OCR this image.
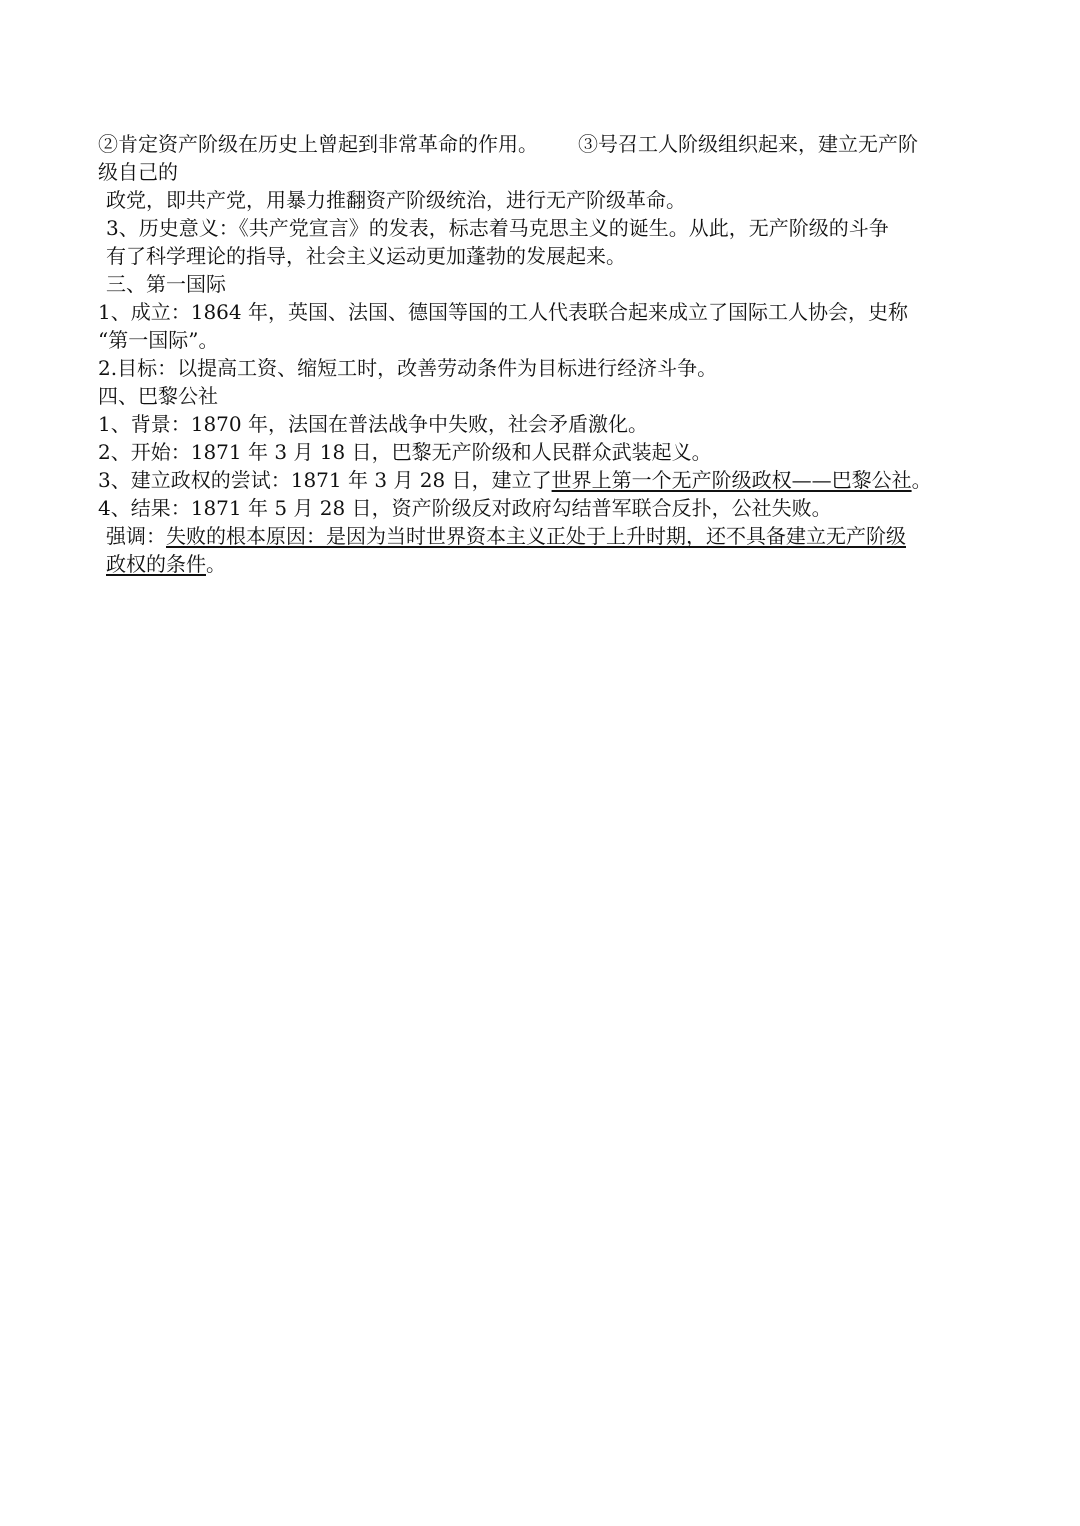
②肯定资产阶级在历史上曾起到非常革命的作用。 ③号召工人阶级组织起来，建立无产阶
级自己的
政党，即共产党，用暴力推翻资产阶级统治，进行无产阶级革命。
3、历史意义：《共产党宣言》的发表，标志着马克思主义的诞生。从此，无产阶级的斗争
有了科学理论的指导，社会主义运动更加蓬勃的发展起来。
三、第一国际
1、成立：1864 年，英国、法国、德国等国的工人代表联合起来成立了国际工人协会，史称
“第一国际”。
2.目标：以提高工资、缩短工时，改善劳动条件为目标进行经济斗争。
四、巴黎公社
1、背景：1870 年，法国在普法战争中失败，社会矛盾激化。
2、开始：1871 年 3 月 18 日，巴黎无产阶级和人民群众武装起义。
3、建立政权的尝试：1871 年 3 月 28 日，建立了世界上第一个无产阶级政权——巴黎公社。
4、结果：1871 年 5 月 28 日，资产阶级反对政府勾结普军联合反扑，公社失败。
强调：失败的根本原因：是因为当时世界资本主义正处于上升时期，还不具备建立无产阶级
政权的条件。
